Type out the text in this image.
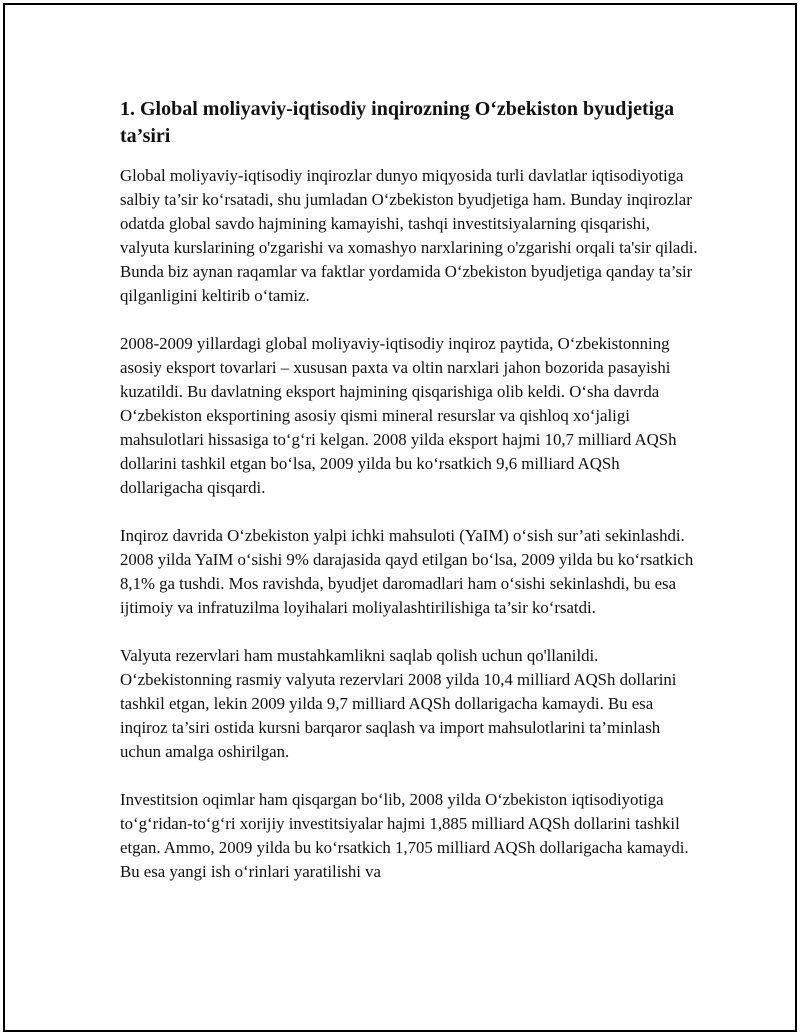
1. Global moliyaviy-iqtisodiy inqirozning O‘zbekiston byudjetiga ta’siri

Global moliyaviy-iqtisodiy inqirozlar dunyo miqyosida turli davlatlar iqtisodiyotiga salbiy ta’sir ko‘rsatadi, shu jumladan O‘zbekiston byudjetiga ham. Bunday inqirozlar odatda global savdo hajmining kamayishi, tashqi investitsiyalarning qisqarishi, valyuta kurslarining o'zgarishi va xomashyo narxlarining o'zgarishi orqali ta'sir qiladi. Bunda biz aynan raqamlar va faktlar yordamida O‘zbekiston byudjetiga qanday ta’sir qilganligini keltirib o‘tamiz.

2008-2009 yillardagi global moliyaviy-iqtisodiy inqiroz paytida, O‘zbekistonning asosiy eksport tovarlari – xususan paxta va oltin narxlari jahon bozorida pasayishi kuzatildi. Bu davlatning eksport hajmining qisqarishiga olib keldi. O‘sha davrda O‘zbekiston eksportining asosiy qismi mineral resurslar va qishloq xo‘jaligi mahsulotlari hissasiga to‘g‘ri kelgan. 2008 yilda eksport hajmi 10,7 milliard AQSh dollarini tashkil etgan bo‘lsa, 2009 yilda bu ko‘rsatkich 9,6 milliard AQSh dollarigacha qisqardi.

Inqiroz davrida O‘zbekiston yalpi ichki mahsuloti (YaIM) o‘sish sur’ati sekinlashdi. 2008 yilda YaIM o‘sishi 9% darajasida qayd etilgan bo‘lsa, 2009 yilda bu ko‘rsatkich 8,1% ga tushdi. Mos ravishda, byudjet daromadlari ham o‘sishi sekinlashdi, bu esa ijtimoiy va infratuzilma loyihalari moliyalashtirilishiga ta’sir ko‘rsatdi.

Valyuta rezervlari ham mustahkamlikni saqlab qolish uchun qo'llanildi. O‘zbekistonning rasmiy valyuta rezervlari 2008 yilda 10,4 milliard AQSh dollarini tashkil etgan, lekin 2009 yilda 9,7 milliard AQSh dollarigacha kamaydi. Bu esa inqiroz ta’siri ostida kursni barqaror saqlash va import mahsulotlarini ta’minlash uchun amalga oshirilgan.

Investitsion oqimlar ham qisqargan bo‘lib, 2008 yilda O‘zbekiston iqtisodiyotiga to‘g‘ridan-to‘g‘ri xorijiy investitsiyalar hajmi 1,885 milliard AQSh dollarini tashkil etgan. Ammo, 2009 yilda bu ko‘rsatkich 1,705 milliard AQSh dollarigacha kamaydi. Bu esa yangi ish o‘rinlari yaratilishi va
